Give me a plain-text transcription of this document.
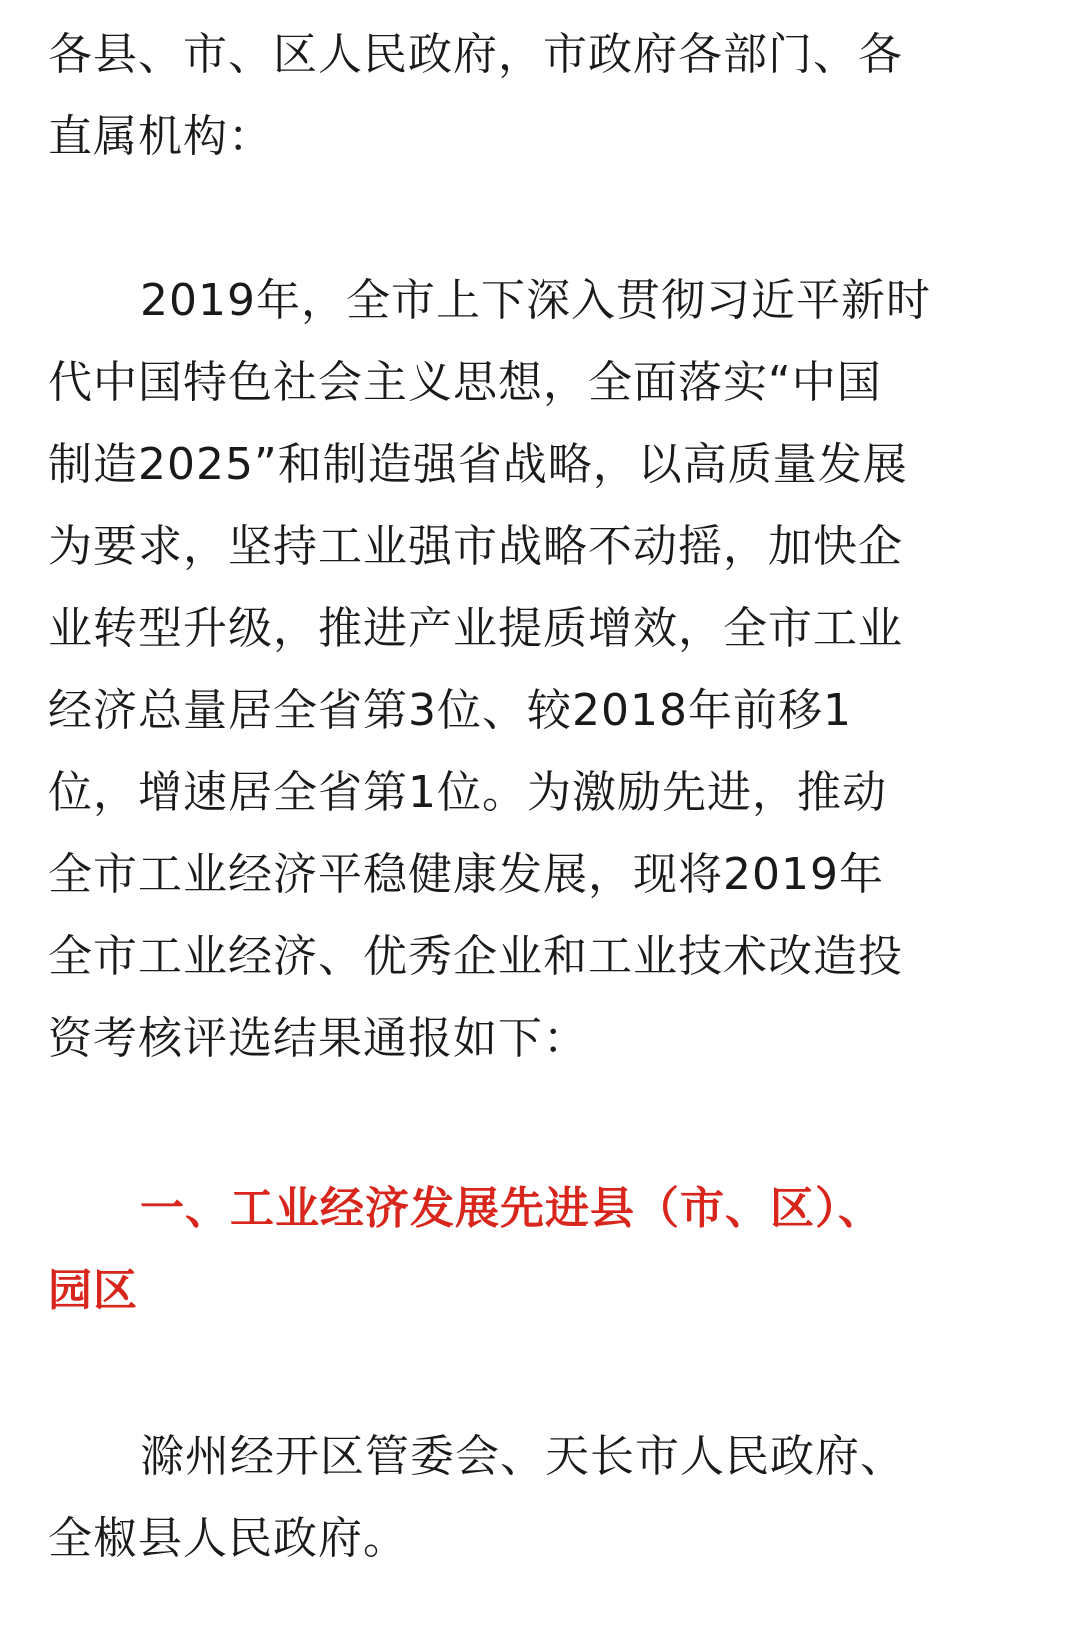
各县、市、区人民政府，市政府各部门、各
直属机构：
2019年，全市上下深入贯彻习近平新时
代中国特色社会主义思想，全面落实“中国
制造2025”和制造强省战略，以高质量发展
为要求，坚持工业强市战略不动摇，加快企
业转型升级，推进产业提质增效，全市工业
经济总量居全省第3位、较2018年前移1
位，增速居全省第1位。为激励先进，推动
全市工业经济平稳健康发展，现将2019年
全市工业经济、优秀企业和工业技术改造投
资考核评选结果通报如下：
一、工业经济发展先进县（市、区）、
园区
滁州经开区管委会、天长市人民政府、
全椒县人民政府。
